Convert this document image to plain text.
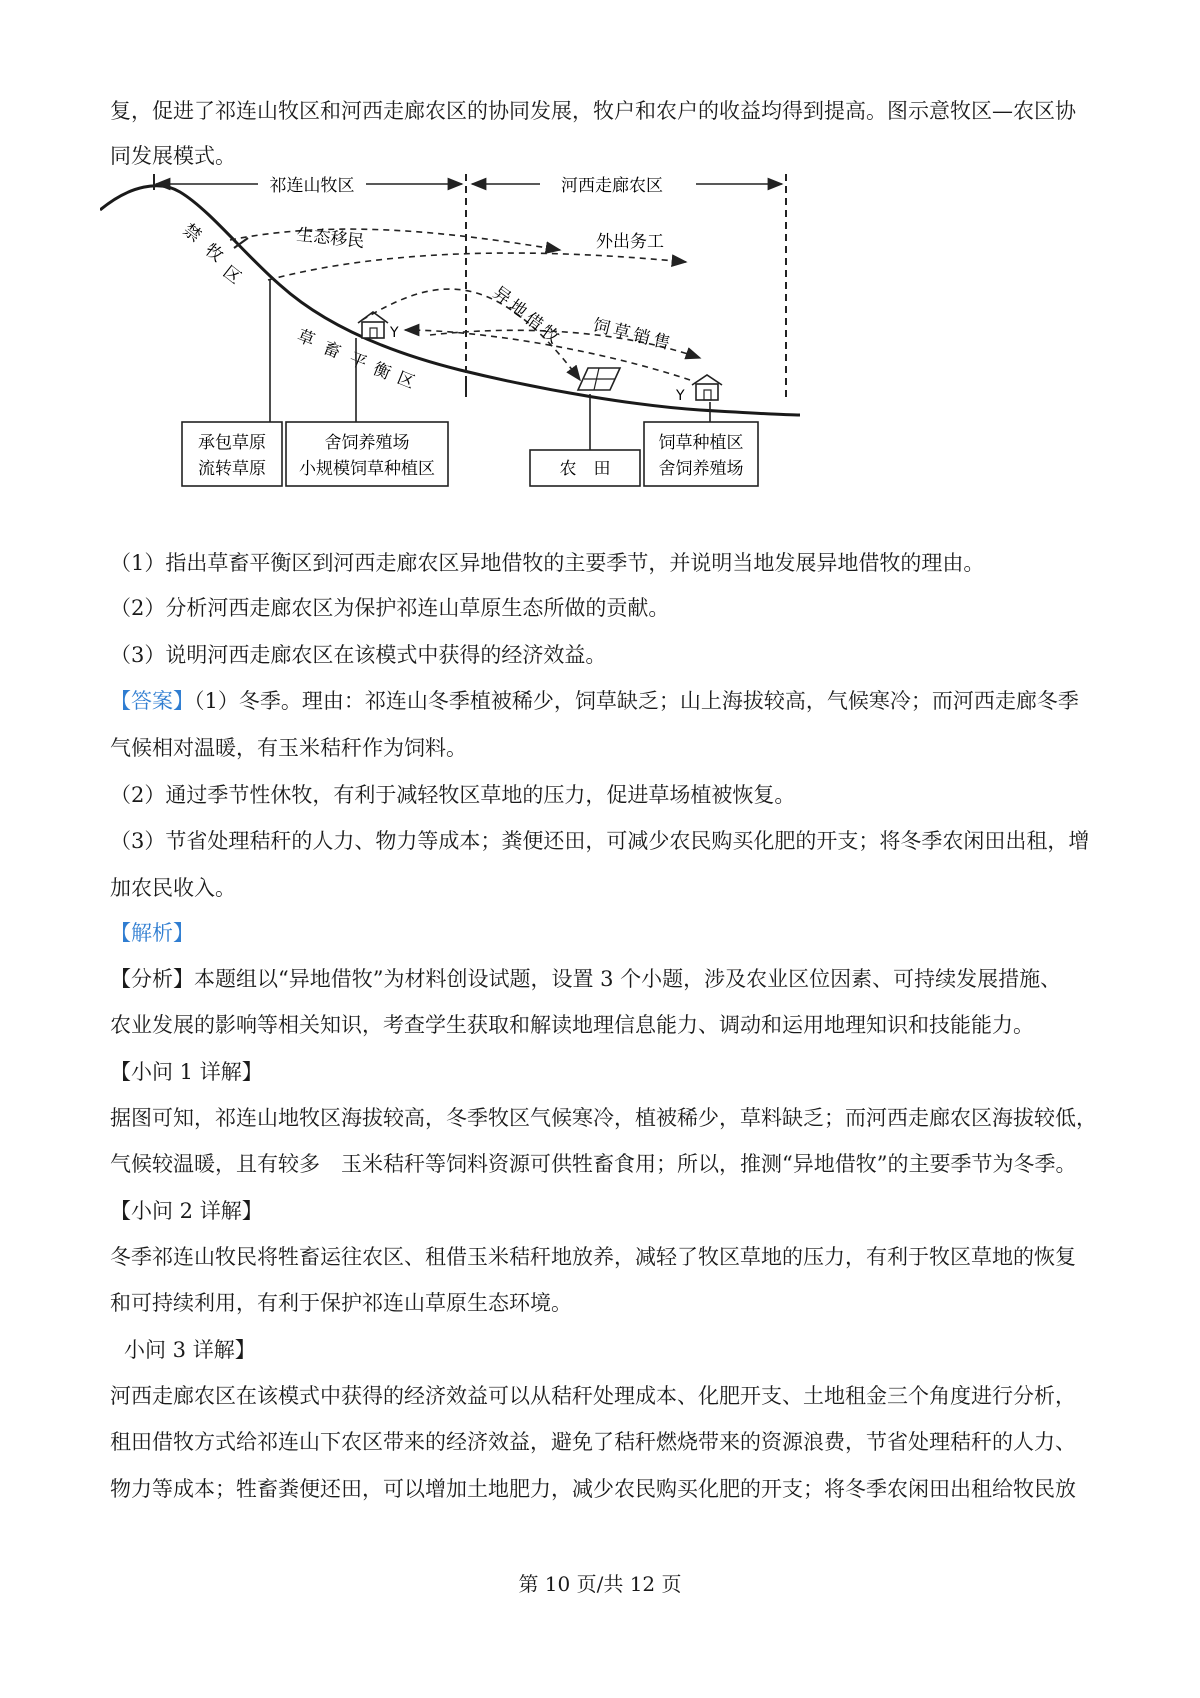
复，促进了祁连山牧区和河西走廊农区的协同发展，牧户和农户的收益均得到提高。图示意牧区—农区协
同发展模式。
祁连山牧区	河西走廊农区
禁
牧
区
草 畜 平 衡 区
生态移民	外出务工
异
地
借
牧 饲
草
销
售
Y
Y
承包草原
流转草原
舍饲养殖场
小规模饲草种植区	农　田
饲草种植区
舍饲养殖场
（1）指出草畜平衡区到河西走廊农区异地借牧的主要季节，并说明当地发展异地借牧的理由。
（2）分析河西走廊农区为保护祁连山草原生态所做的贡献。
（3）说明河西走廊农区在该模式中获得的经济效益。
【答案】（1）冬季。理由：祁连山冬季植被稀少，饲草缺乏；山上海拔较高，气候寒冷；而河西走廊冬季
气候相对温暖，有玉米秸秆作为饲料。
（2）通过季节性休牧，有利于减轻牧区草地的压力，促进草场植被恢复。
（3）节省处理秸秆的人力、物力等成本；粪便还田，可减少农民购买化肥的开支；将冬季农闲田出租，增
加农民收入。
【解析】
【分析】本题组以“异地借牧”为材料创设试题，设置 3 个小题，涉及农业区位因素、可持续发展措施、
农业发展的影响等相关知识，考查学生获取和解读地理信息能力、调动和运用地理知识和技能能力。
【小问 1 详解】
据图可知，祁连山地牧区海拔较高，冬季牧区气候寒冷，植被稀少，草料缺乏；而河西走廊农区海拔较低，
气候较温暖，且有较多　玉米秸秆等饲料资源可供牲畜食用；所以，推测“异地借牧”的主要季节为冬季。
【小问 2 详解】
冬季祁连山牧民将牲畜运往农区、租借玉米秸秆地放养，减轻了牧区草地的压力，有利于牧区草地的恢复
和可持续利用，有利于保护祁连山草原生态环境。
小问 3 详解】
河西走廊农区在该模式中获得的经济效益可以从秸秆处理成本、化肥开支、土地租金三个角度进行分析，
租田借牧方式给祁连山下农区带来的经济效益，避免了秸秆燃烧带来的资源浪费，节省处理秸秆的人力、
物力等成本；牲畜粪便还田，可以增加土地肥力，减少农民购买化肥的开支；将冬季农闲田出租给牧民放
第 10 页/共 12 页
